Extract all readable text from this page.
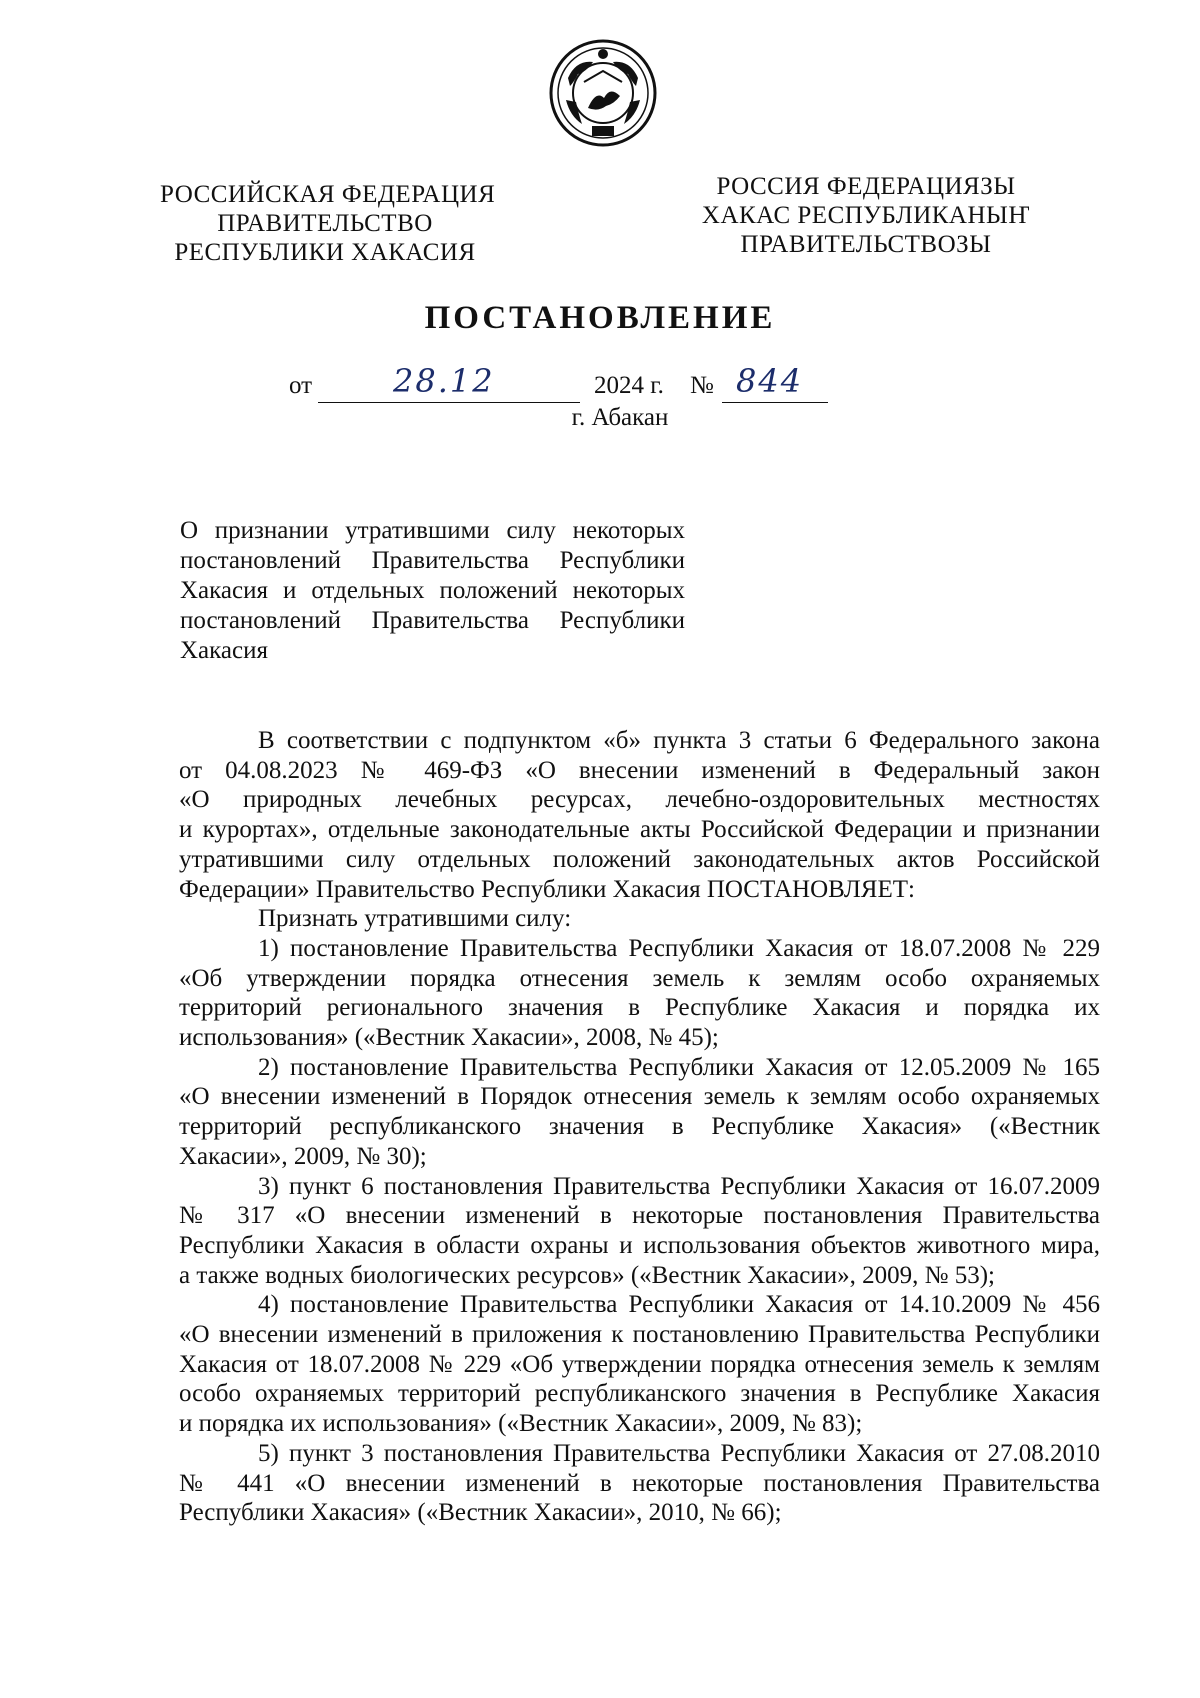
РОССИЙСКАЯ ФЕДЕРАЦИЯ
ПРАВИТЕЛЬСТВО
РЕСПУБЛИКИ ХАКАСИЯ
РОССИЯ ФЕДЕРАЦИЯЗЫ
ХАКАС РЕСПУБЛИКАНЫҤ
ПРАВИТЕЛЬСТВОЗЫ
ПОСТАНОВЛЕНИЕ
от	28.12	2024 г. № 844
г. Абакан
О признании утратившими силу некоторых
постановлений Правительства Республики
Хакасия и отдельных положений некоторых
постановлений Правительства Республики
Хакасия
В соответствии с подпунктом «б» пункта 3 статьи 6 Федерального закона
от 04.08.2023 № 469-ФЗ «О внесении изменений в Федеральный закон
«О природных лечебных ресурсах, лечебно-оздоровительных местностях
и курортах», отдельные законодательные акты Российской Федерации и признании
утратившими силу отдельных положений законодательных актов Российской
Федерации» Правительство Республики Хакасия ПОСТАНОВЛЯЕТ:
Признать утратившими силу:
1) постановление Правительства Республики Хакасия от 18.07.2008 № 229
«Об утверждении порядка отнесения земель к землям особо охраняемых
территорий регионального значения в Республике Хакасия и порядка их
использования» («Вестник Хакасии», 2008, № 45);
2) постановление Правительства Республики Хакасия от 12.05.2009 № 165
«О внесении изменений в Порядок отнесения земель к землям особо охраняемых
территорий республиканского значения в Республике Хакасия» («Вестник
Хакасии», 2009, № 30);
3) пункт 6 постановления Правительства Республики Хакасия от 16.07.2009
№ 317 «О внесении изменений в некоторые постановления Правительства
Республики Хакасия в области охраны и использования объектов животного мира,
а также водных биологических ресурсов» («Вестник Хакасии», 2009, № 53);
4) постановление Правительства Республики Хакасия от 14.10.2009 № 456
«О внесении изменений в приложения к постановлению Правительства Республики
Хакасия от 18.07.2008 № 229 «Об утверждении порядка отнесения земель к землям
особо охраняемых территорий республиканского значения в Республике Хакасия
и порядка их использования» («Вестник Хакасии», 2009, № 83);
5) пункт 3 постановления Правительства Республики Хакасия от 27.08.2010
№ 441 «О внесении изменений в некоторые постановления Правительства
Республики Хакасия» («Вестник Хакасии», 2010, № 66);
